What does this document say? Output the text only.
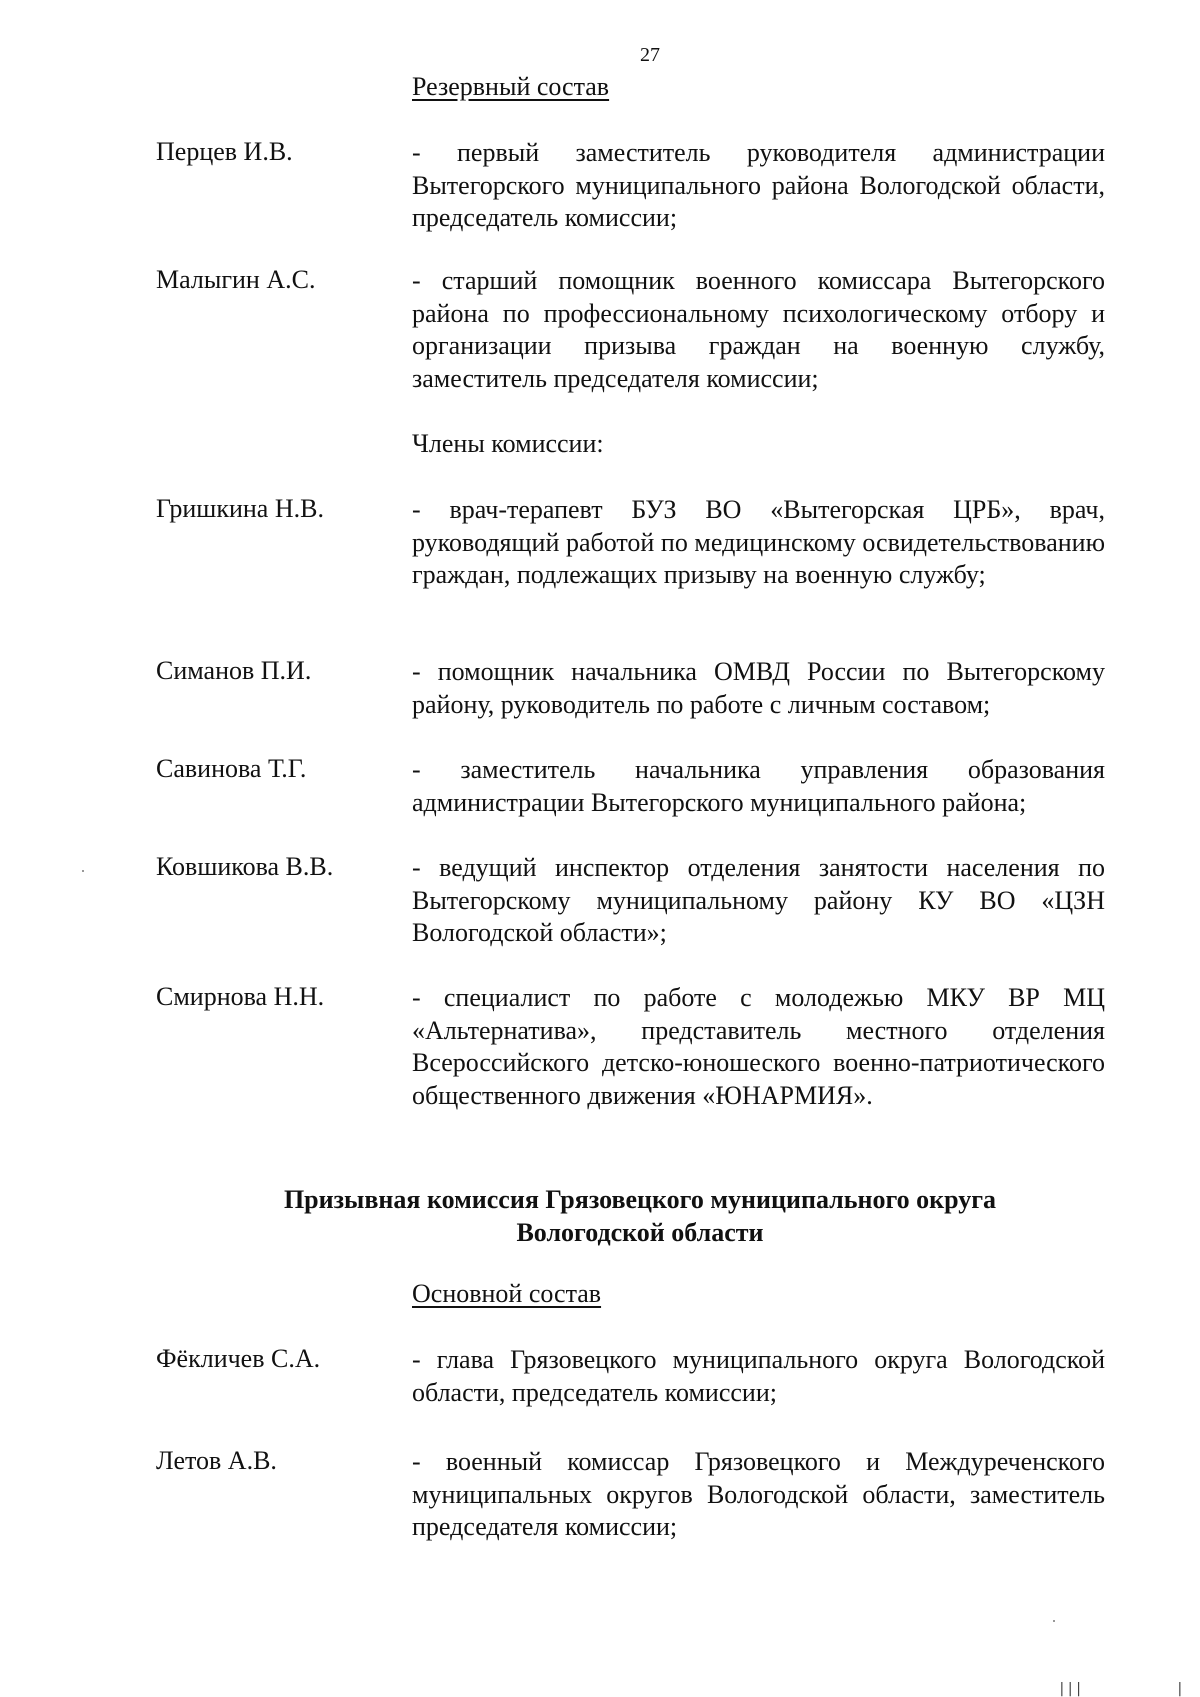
27
Резервный состав
Перцев И.В.	- первый заместитель руководителя администрации Вытегорского муниципального района Вологодской области, председатель комиссии;
Малыгин А.С.	- старший помощник военного комиссара Вытегорского района по профессиональному психологическому отбору и организации призыва граждан на военную службу, заместитель председателя комиссии;
Члены комиссии:
Гришкина Н.В.	- врач-терапевт БУЗ ВО «Вытегорская ЦРБ», врач, руководящий работой по медицинскому освидетельствованию граждан, подлежащих призыву на военную службу;
Симанов П.И.	- помощник начальника ОМВД России по Вытегорскому району, руководитель по работе с личным составом;
Савинова Т.Г.	- заместитель начальника управления образования администрации Вытегорского муниципального района;
Ковшикова В.В.	- ведущий инспектор отделения занятости населения по Вытегорскому муниципальному району КУ ВО «ЦЗН Вологодской области»;
Смирнова Н.Н.	- специалист по работе с молодежью МКУ ВР МЦ «Альтернатива», представитель местного отделения Всероссийского детско-юношеского военно-патриотического общественного движения «ЮНАРМИЯ».
Призывная комиссия Грязовецкого муниципального округа
Вологодской области
Основной состав
Фёкличев С.А.	- глава Грязовецкого муниципального округа Вологодской области, председатель комиссии;
Летов А.В.	- военный комиссар Грязовецкого и Междуреченского муниципальных округов Вологодской области, заместитель председателя комиссии;
|||           |
